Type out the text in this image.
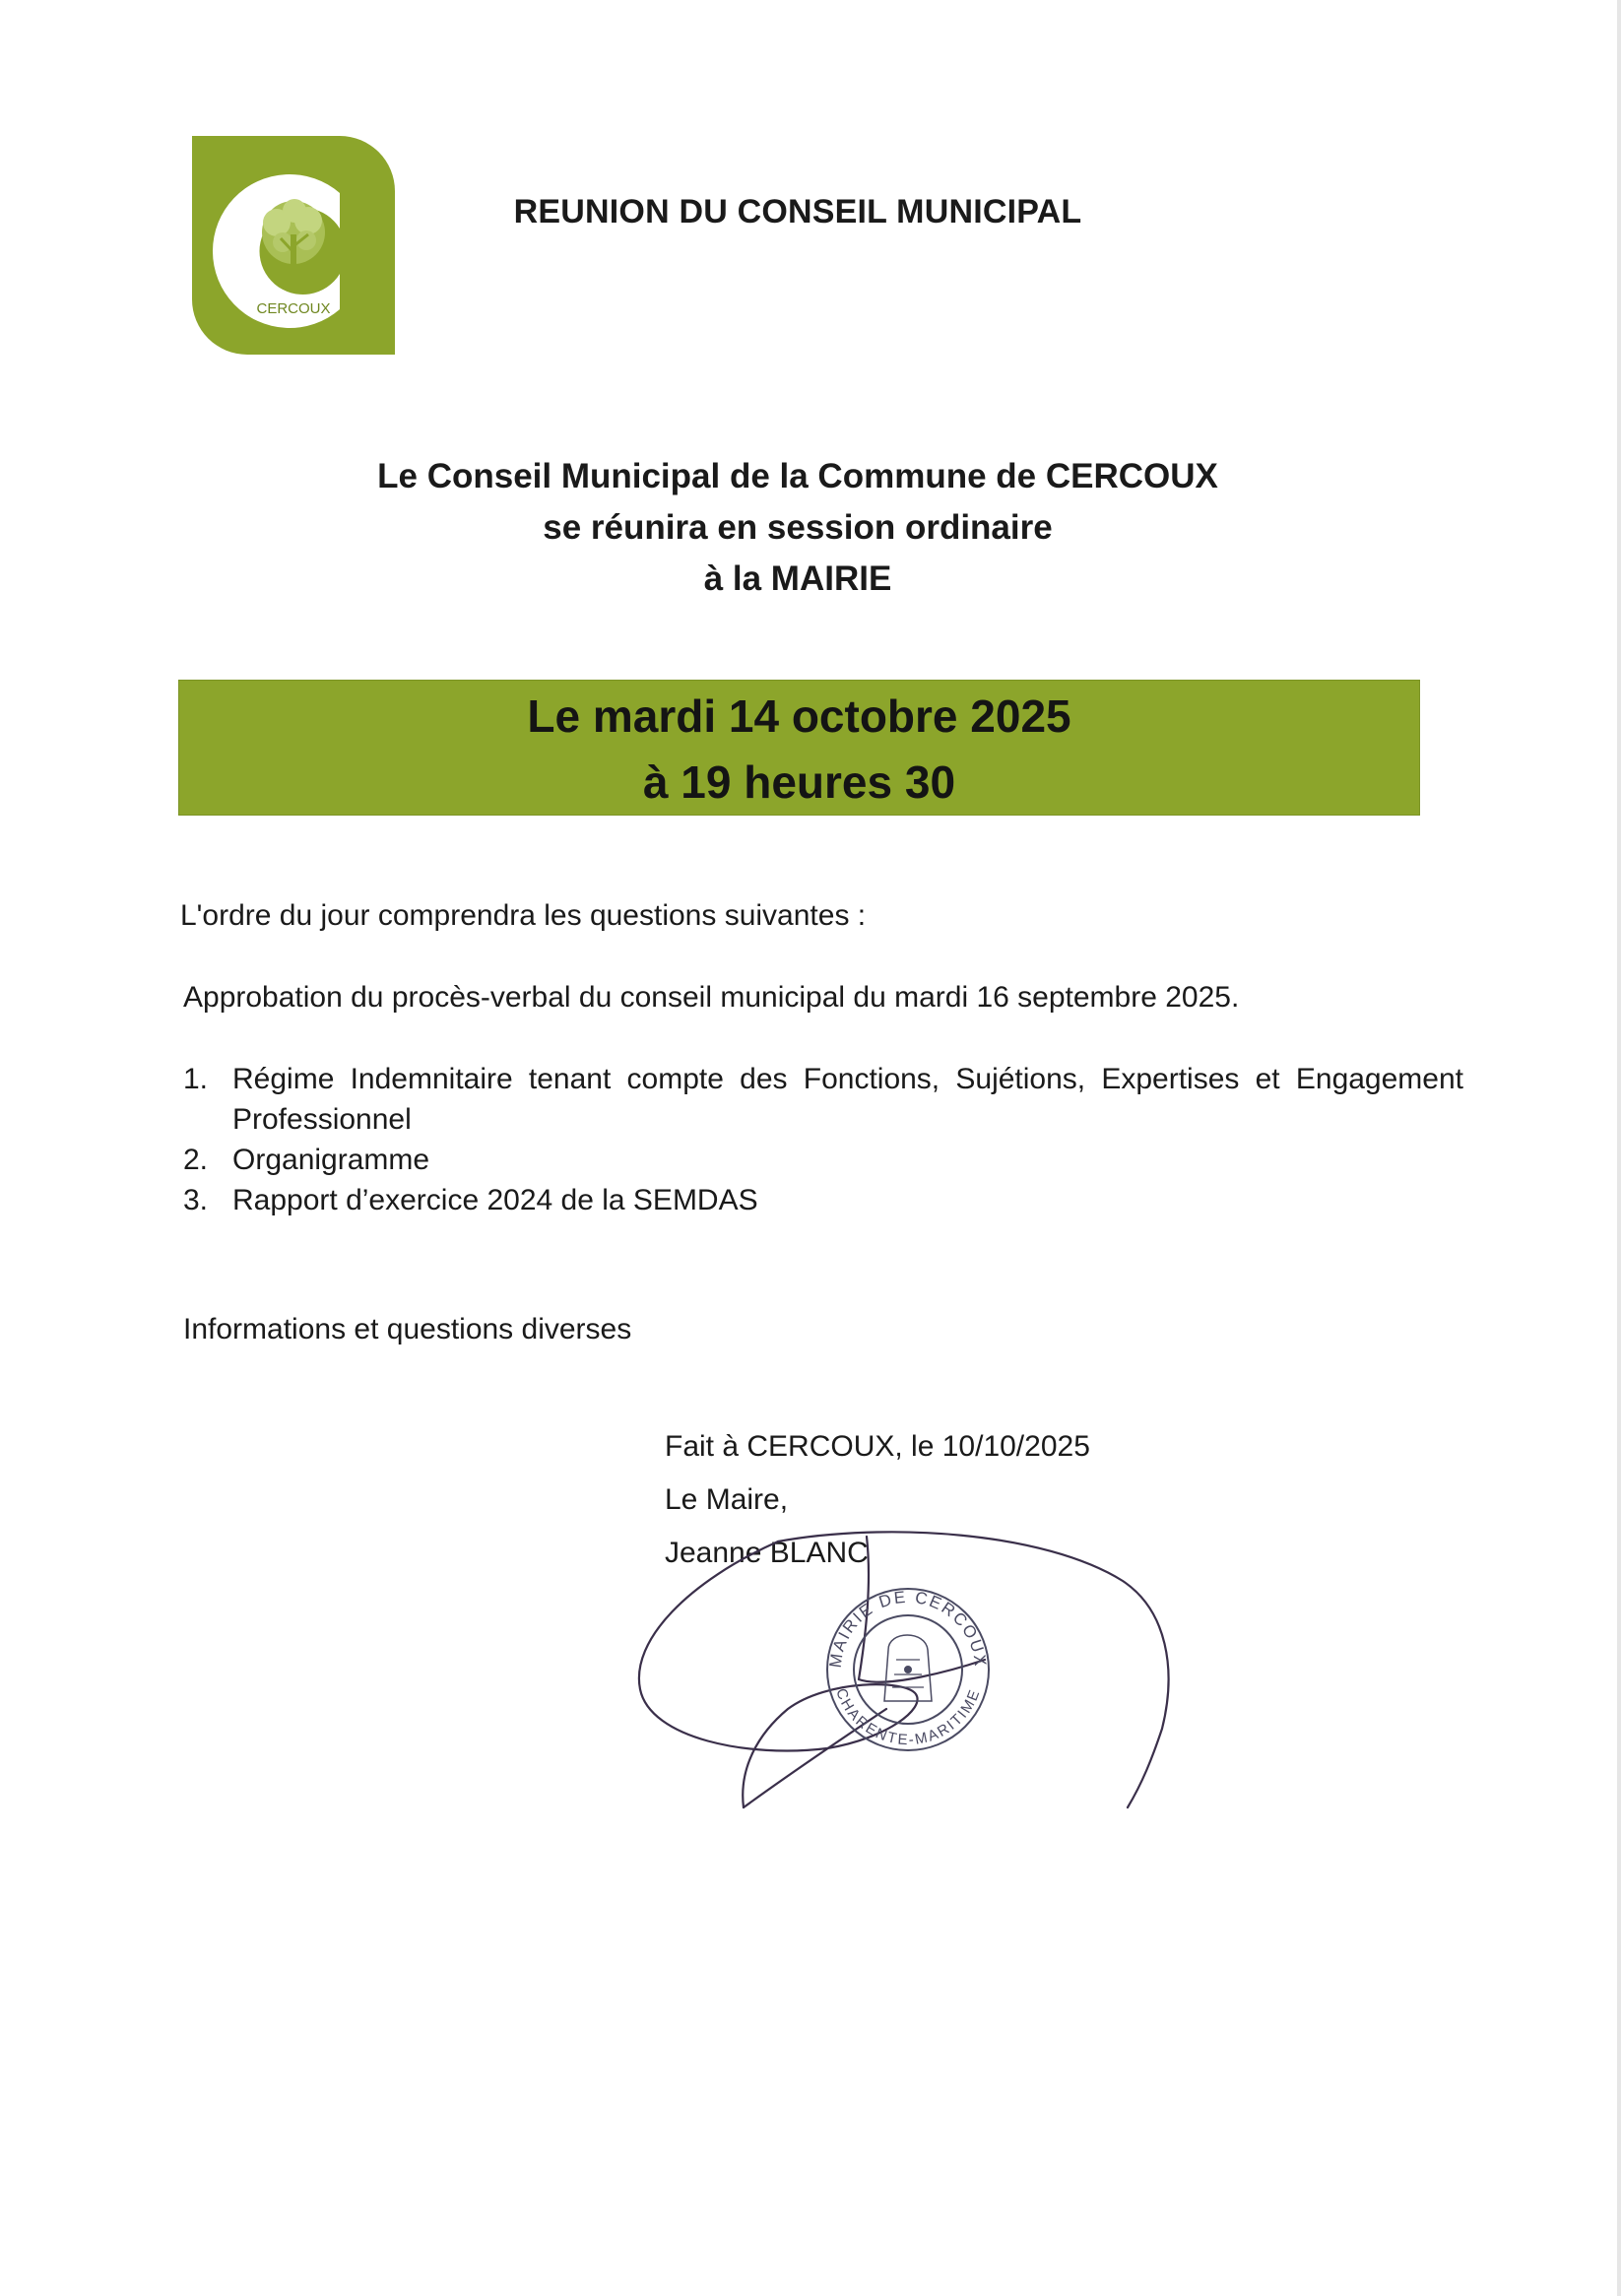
CERCOUX
REUNION DU CONSEIL MUNICIPAL
Le Conseil Municipal de la Commune de CERCOUX
se réunira en session ordinaire
à la MAIRIE
Le mardi 14 octobre 2025
à 19 heures 30
L'ordre du jour comprendra les questions suivantes :
Approbation du procès-verbal du conseil municipal du mardi 16 septembre 2025.
1. Régime Indemnitaire tenant compte des Fonctions, Sujétions, Expertises et Engagement
Professionnel
2. Organigramme
3. Rapport d’exercice 2024 de la SEMDAS
Informations et questions diverses
Fait à CERCOUX, le 10/10/2025
Le Maire,
Jeanne BLANC
MAIRIE DE CERCOUX
CHARENTE-MARITIME
